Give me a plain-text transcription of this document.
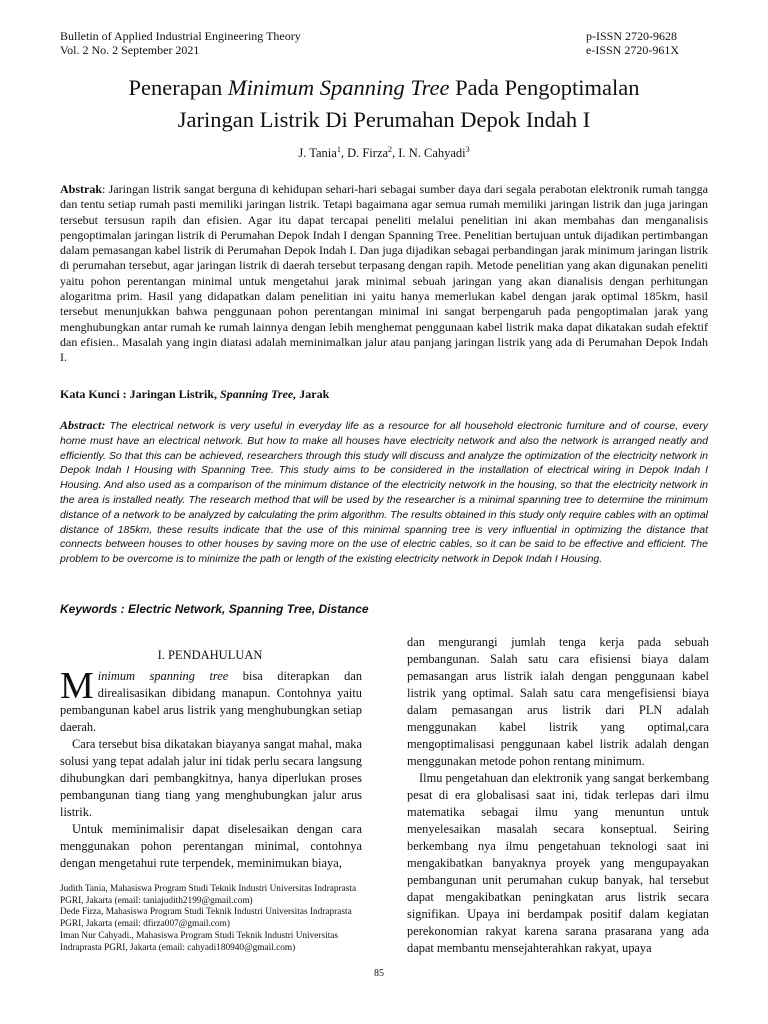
Bulletin of Applied Industrial Engineering Theory
Vol. 2 No. 2 September 2021
p-ISSN 2720-9628
e-ISSN 2720-961X
Penerapan Minimum Spanning Tree Pada Pengoptimalan
Jaringan Listrik Di Perumahan Depok Indah I
J. Tania$^1$, D. Firza$^2$, I. N. Cahyadi$^3$
Abstrak: Jaringan listrik sangat berguna di kehidupan sehari-hari sebagai sumber daya dari segala perabotan elektronik rumah tangga dan tentu setiap rumah pasti memiliki jaringan listrik. Tetapi bagaimana agar semua rumah memiliki jaringan listrik dan juga jaringan tersebut tersusun rapih dan efisien. Agar itu dapat tercapai peneliti melalui penelitian ini akan membahas dan menganalisis pengoptimalan jaringan listrik di Perumahan Depok Indah I dengan Spanning Tree. Penelitian bertujuan untuk dijadikan pertimbangan dalam pemasangan kabel listrik di Perumahan Depok Indah I. Dan juga dijadikan sebagai perbandingan jarak minimum jaringan listrik di perumahan tersebut, agar jaringan listrik di daerah tersebut terpasang dengan rapih. Metode penelitian yang akan digunakan peneliti yaitu pohon perentangan minimal untuk mengetahui jarak minimal sebuah jaringan yang akan dianalisis dengan perhitungan alogaritma prim. Hasil yang didapatkan dalam penelitian ini yaitu hanya memerlukan kabel dengan jarak optimal 185km, hasil tersebut menunjukkan bahwa penggunaan pohon perentangan minimal ini sangat berpengaruh pada pengoptimalan jarak yang menghubungkan antar rumah ke rumah lainnya dengan lebih menghemat penggunaan kabel listrik maka dapat dikatakan sudah efektif dan efisien.. Masalah yang ingin diatasi adalah meminimalkan jalur atau panjang jaringan listrik yang ada di Perumahan Depok Indah I.
Kata Kunci : Jaringan Listrik, Spanning Tree, Jarak
Abstract: The electrical network is very useful in everyday life as a resource for all household electronic furniture and of course, every home must have an electrical network. But how to make all houses have electricity network and also the network is arranged neatly and efficiently. So that this can be achieved, researchers through this study will discuss and analyze the optimization of the electricity network in Depok Indah I Housing with Spanning Tree. This study aims to be considered in the installation of electrical wiring in Depok Indah I Housing. And also used as a comparison of the minimum distance of the electricity network in the housing, so that the electricity network in the area is installed neatly. The research method that will be used by the researcher is a minimal spanning tree to determine the minimum distance of a network to be analyzed by calculating the prim algorithm. The results obtained in this study only require cables with an optimal distance of 185km, these results indicate that the use of this minimal spanning tree is very influential in optimizing the distance that connects between houses to other houses by saving more on the use of electric cables, so it can be said to be effective and efficient. The problem to be overcome is to minimize the path or length of the existing electricity network in Depok Indah I Housing.
Keywords : Electric Network, Spanning Tree, Distance
I. PENDAHULUAN

Minimum spanning tree bisa diterapkan dan direalisasikan dibidang manapun. Contohnya yaitu pembangunan kabel arus listrik yang menghubungkan setiap daerah.

Cara tersebut bisa dikatakan biayanya sangat mahal, maka solusi yang tepat adalah jalur ini tidak perlu secara langsung dihubungkan dari pembangkitnya, hanya diperlukan proses pembangunan tiang tiang yang menghubungkan jalur arus listrik.

Untuk meminimalisir dapat diselesaikan dengan cara menggunakan pohon perentangan minimal, contohnya dengan mengetahui rute terpendek, meminimukan biaya,

dan mengurangi jumlah tenga kerja pada sebuah pembangunan. Salah satu cara efisiensi biaya dalam pemasangan arus listrik ialah dengan penggunaan kabel listrik yang optimal. Salah satu cara mengefisiensi biaya dalam pemasangan arus listrik dari PLN adalah menggunakan kabel listrik yang optimal,cara mengoptimalisasi penggunaan kabel listrik adalah dengan menggunakan metode pohon rentang minimum.

Ilmu pengetahuan dan elektronik yang sangat berkembang pesat di era globalisasi saat ini, tidak terlepas dari ilmu matematika sebagai ilmu yang menuntun untuk menyelesaikan masalah secara konseptual. Seiring berkembang nya ilmu pengetahuan teknologi saat ini mengakibatkan banyaknya proyek yang mengupayakan pembangunan unit perumahan cukup banyak, hal tersebut dapat mengakibatkan peningkatan arus listrik secara signifikan. Upaya ini berdampak positif dalam kegiatan perekonomian rakyat karena sarana prasarana yang ada dapat membantu mensejahterahkan rakyat, upaya

Judith Tania, Mahasiswa Program Studi Teknik Industri Universitas Indraprasta PGRI, Jakarta (email: taniajudith2199@gmail.com)
Dede Firza, Mahasiswa Program Studi Teknik Industri Universitas Indraprasta PGRI, Jakarta (email: dfirza007@gmail.com)
Iman Nur Cahyadi., Mahasiswa Program Studi Teknik Industri Universitas Indraprasta PGRI, Jakarta (email: cahyadi180940@gmail.com)
85
